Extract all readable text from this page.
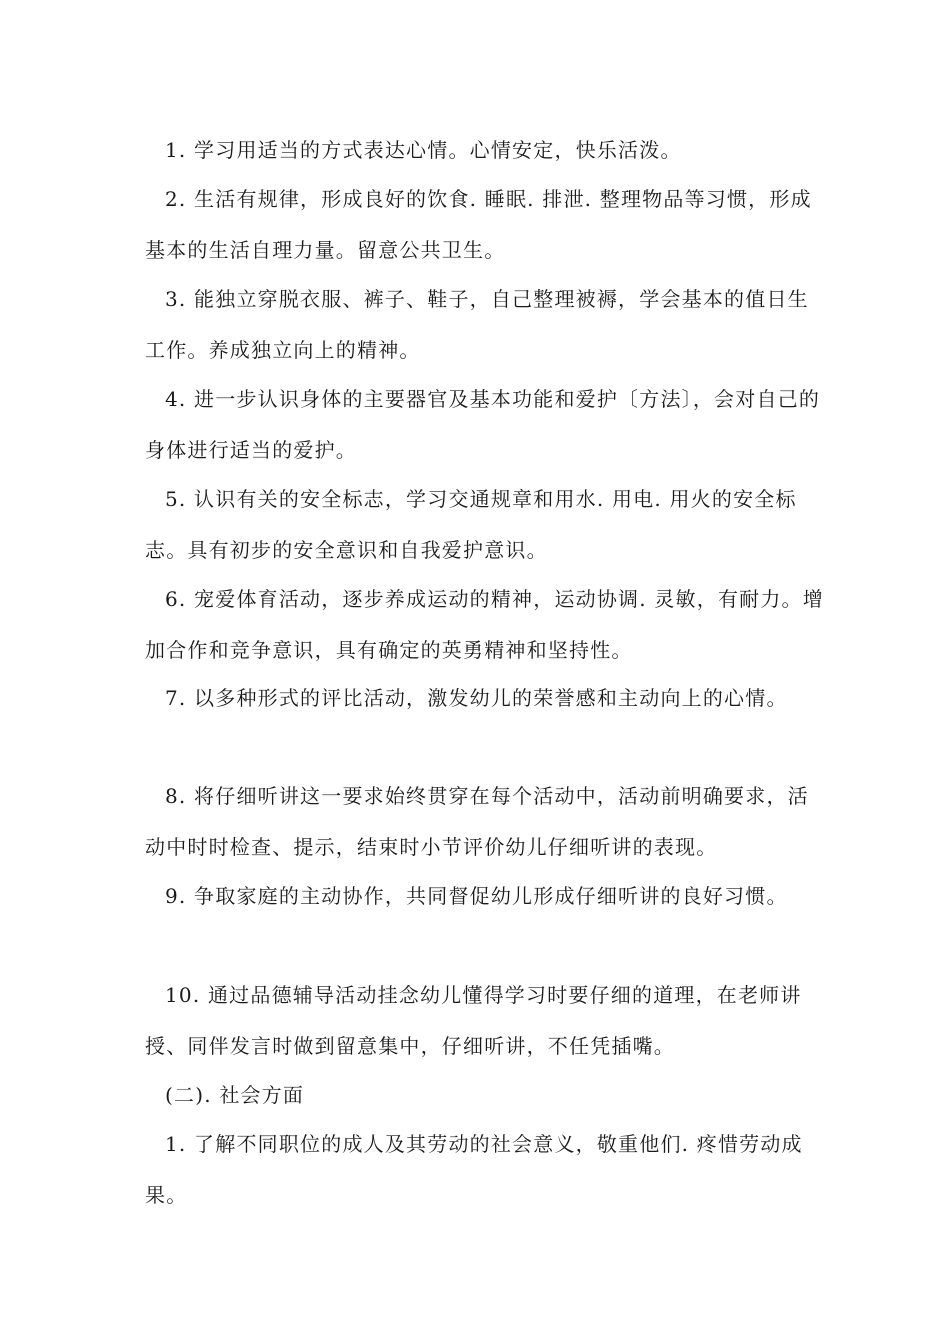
1. 学习用适当的方式表达心情。心情安定，快乐活泼。

2. 生活有规律，形成良好的饮食. 睡眠. 排泄. 整理物品等习惯，形成基本的生活自理力量。留意公共卫生。

3. 能独立穿脱衣服、裤子、鞋子，自己整理被褥，学会基本的值日生工作。养成独立向上的精神。

4. 进一步认识身体的主要器官及基本功能和爱护〔方法〕，会对自己的身体进行适当的爱护。

5. 认识有关的安全标志，学习交通规章和用水. 用电. 用火的安全标志。具有初步的安全意识和自我爱护意识。

6. 宠爱体育活动，逐步养成运动的精神，运动协调. 灵敏，有耐力。增加合作和竞争意识，具有确定的英勇精神和坚持性。

7. 以多种形式的评比活动，激发幼儿的荣誉感和主动向上的心情。

8. 将仔细听讲这一要求始终贯穿在每个活动中，活动前明确要求，活动中时时检查、提示，结束时小节评价幼儿仔细听讲的表现。

9. 争取家庭的主动协作，共同督促幼儿形成仔细听讲的良好习惯。

10. 通过品德辅导活动挂念幼儿懂得学习时要仔细的道理，在老师讲授、同伴发言时做到留意集中，仔细听讲，不任凭插嘴。

(二). 社会方面

1. 了解不同职位的成人及其劳动的社会意义，敬重他们. 疼惜劳动成果。
